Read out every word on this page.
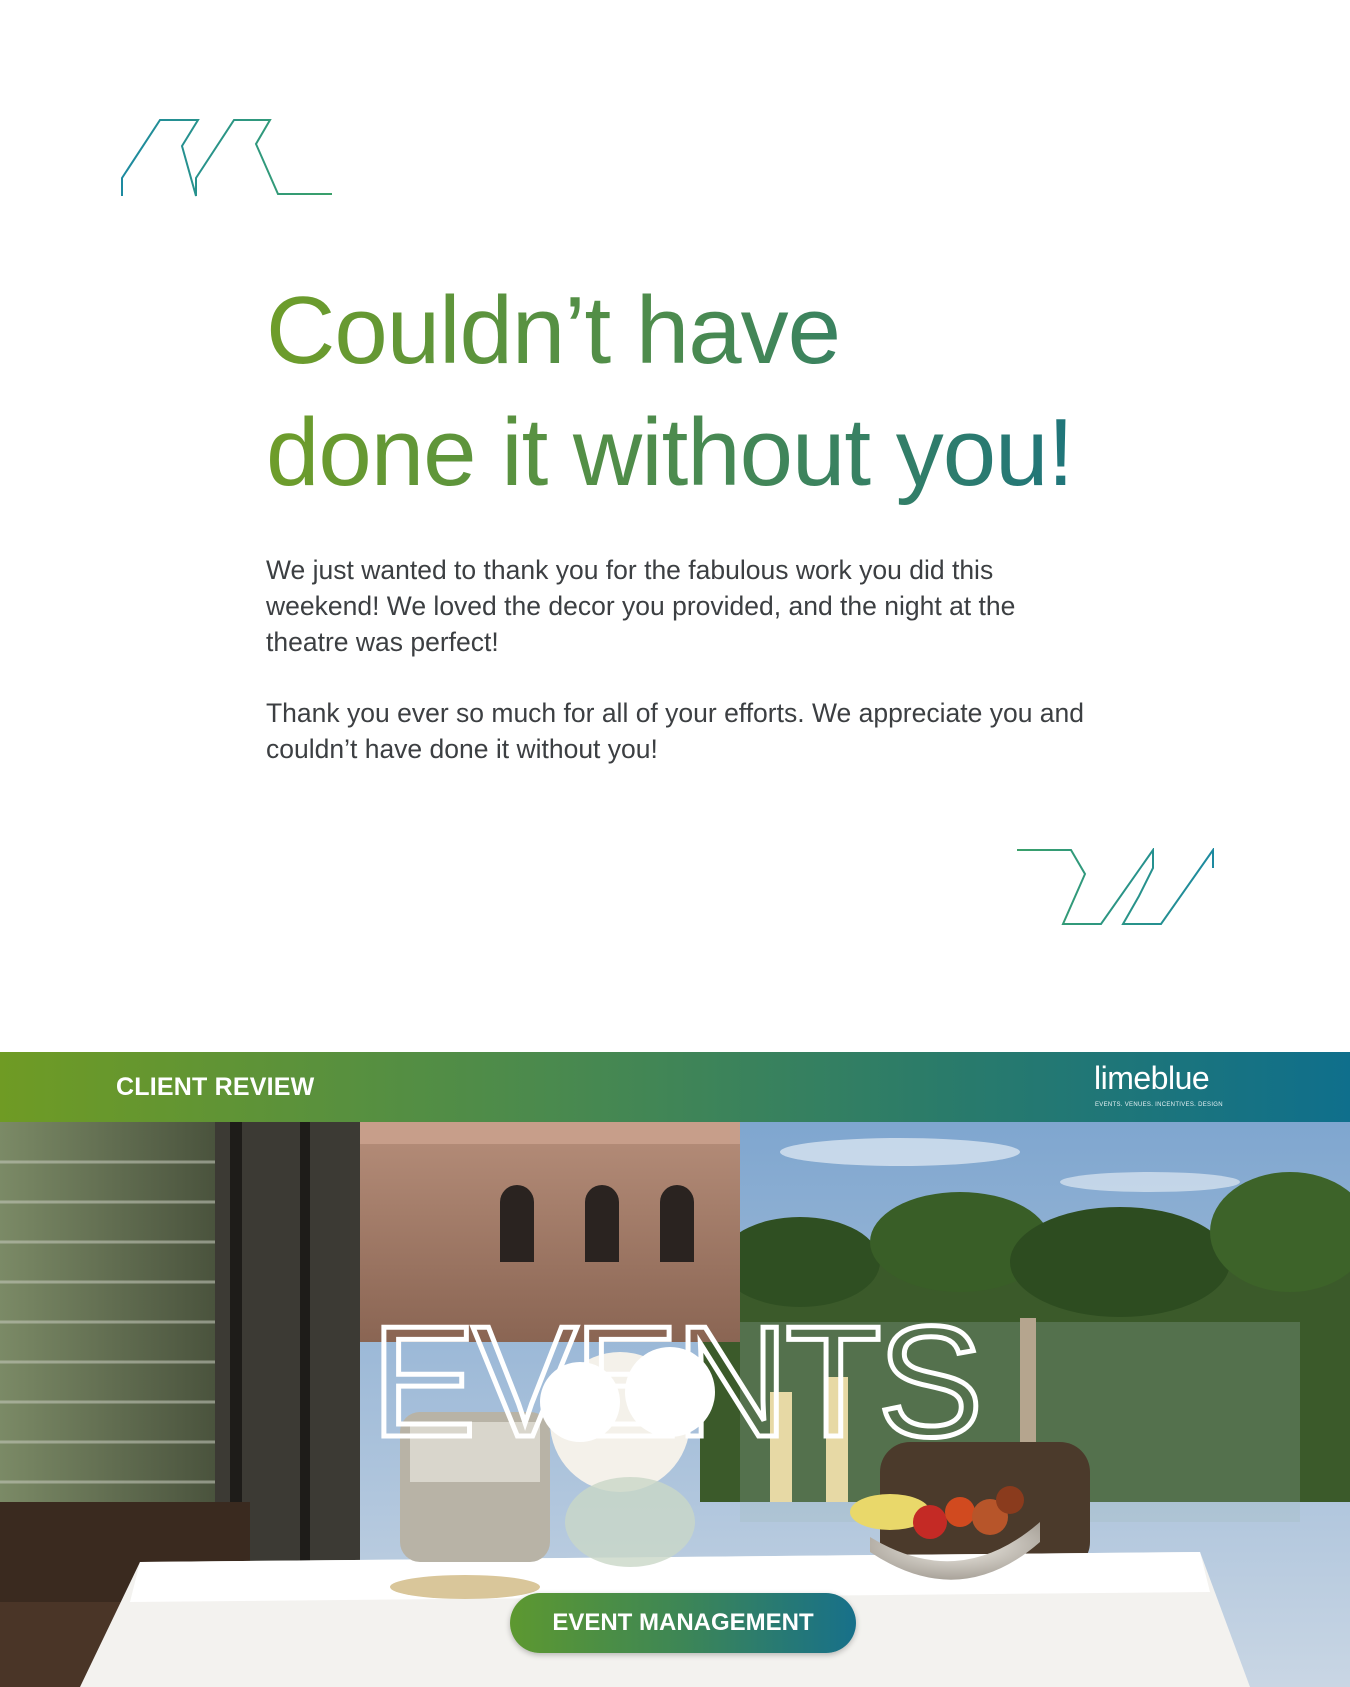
Couldn’t have
done it without you!

We just wanted to thank you for the fabulous work you did this weekend! We loved the decor you provided, and the night at the theatre was perfect!

Thank you ever so much for all of your efforts. We appreciate you and couldn’t have done it without you!

CLIENT REVIEW	limeblue
EVENTS. VENUES. INCENTIVES. DESIGN
EVENTS
EVENT MANAGEMENT
